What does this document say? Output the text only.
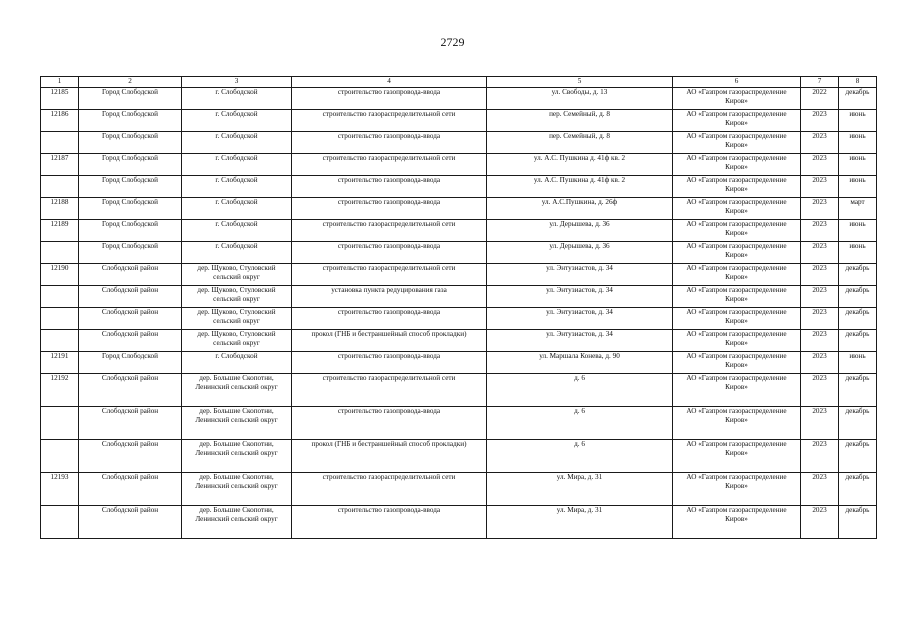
2729
1	2	3	4	5	6	7	8
12185	Город Слободской	г. Слободской	строительство газопровода-ввода	ул. Свободы, д. 13	АО «Газпром газораспределение Киров»	2022	декабрь
12186	Город Слободской	г. Слободской	строительство газораспределительной сети	пер. Семейный, д. 8	АО «Газпром газораспределение Киров»	2023	июнь
	Город Слободской	г. Слободской	строительство газопровода-ввода	пер. Семейный, д. 8	АО «Газпром газораспределение Киров»	2023	июнь
12187	Город Слободской	г. Слободской	строительство газораспределительной сети	ул. А.С. Пушкина д. 41ф кв. 2	АО «Газпром газораспределение Киров»	2023	июнь
	Город Слободской	г. Слободской	строительство газопровода-ввода	ул. А.С. Пушкина д. 41ф кв. 2	АО «Газпром газораспределение Киров»	2023	июнь
12188	Город Слободской	г. Слободской	строительство газопровода-ввода	ул. А.С.Пушкина, д. 26ф	АО «Газпром газораспределение Киров»	2023	март
12189	Город Слободской	г. Слободской	строительство газораспределительной сети	ул. Дерышева, д. 36	АО «Газпром газораспределение Киров»	2023	июнь
	Город Слободской	г. Слободской	строительство газопровода-ввода	ул. Дерышева, д. 36	АО «Газпром газораспределение Киров»	2023	июнь
12190	Слободской район	дер. Щуково, Стуловский сельский округ	строительство газораспределительной сети	ул. Энтузиастов, д. 34	АО «Газпром газораспределение Киров»	2023	декабрь
	Слободской район	дер. Щуково, Стуловский сельский округ	установка пункта редуцирования газа	ул. Энтузиастов, д. 34	АО «Газпром газораспределение Киров»	2023	декабрь
	Слободской район	дер. Щуково, Стуловский сельский округ	строительство газопровода-ввода	ул. Энтузиастов, д. 34	АО «Газпром газораспределение Киров»	2023	декабрь
	Слободской район	дер. Щуково, Стуловский сельский округ	прокол (ГНБ и бестраншейный способ прокладки)	ул. Энтузиастов, д. 34	АО «Газпром газораспределение Киров»	2023	декабрь
12191	Город Слободской	г. Слободской	строительство газопровода-ввода	ул. Маршала Конева, д. 90	АО «Газпром газораспределение Киров»	2023	июнь
12192	Слободской район	дер. Большие Скопотни, Ленинский сельский округ	строительство газораспределительной сети	д. 6	АО «Газпром газораспределение Киров»	2023	декабрь
	Слободской район	дер. Большие Скопотни, Ленинский сельский округ	строительство газопровода-ввода	д. 6	АО «Газпром газораспределение Киров»	2023	декабрь
	Слободской район	дер. Большие Скопотни, Ленинский сельский округ	прокол (ГНБ и бестраншейный способ прокладки)	д. 6	АО «Газпром газораспределение Киров»	2023	декабрь
12193	Слободской район	дер. Большие Скопотни, Ленинский сельский округ	строительство газораспределительной сети	ул. Мира, д. 31	АО «Газпром газораспределение Киров»	2023	декабрь
	Слободской район	дер. Большие Скопотни, Ленинский сельский округ	строительство газопровода-ввода	ул. Мира, д. 31	АО «Газпром газораспределение Киров»	2023	декабрь
